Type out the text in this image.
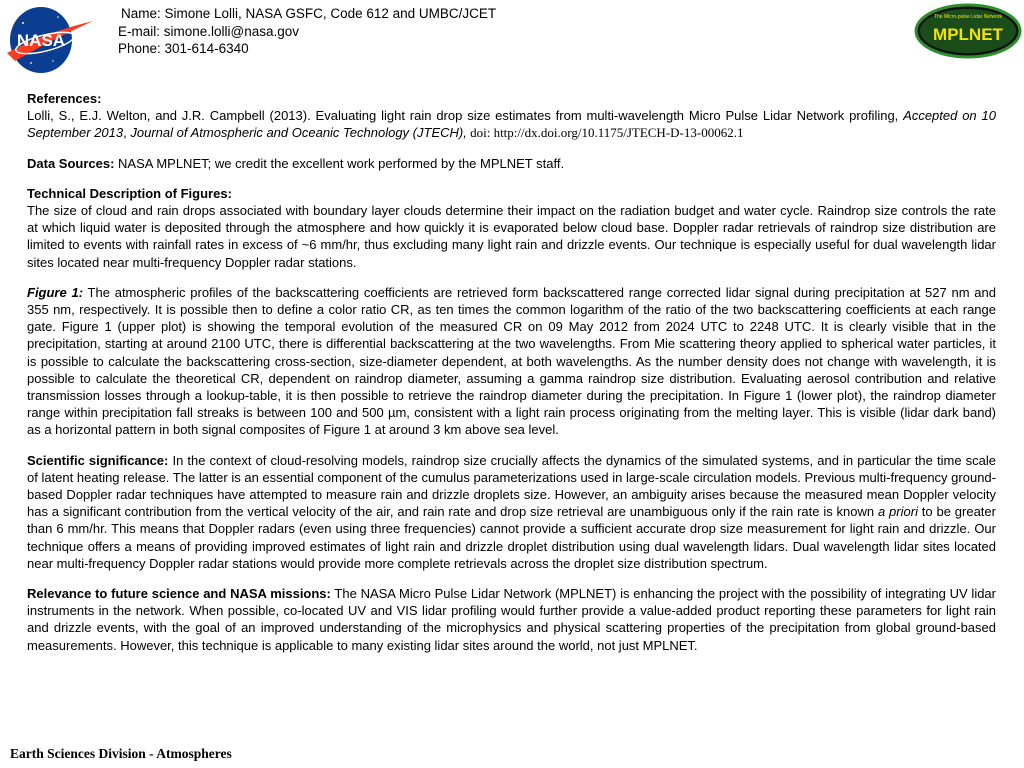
NASA
Name: Simone Lolli, NASA GSFC, Code 612 and UMBC/JCET
E-mail: simone.lolli@nasa.gov
Phone: 301-614-6340
The Micro-pulse Lidar Network
MPLNET

References:
Lolli, S., E.J. Welton, and J.R. Campbell (2013). Evaluating light rain drop size estimates from multi-wavelength Micro Pulse Lidar Network profiling, Accepted on 10 September 2013, Journal of Atmospheric and Oceanic Technology (JTECH), doi: http://dx.doi.org/10.1175/JTECH-D-13-00062.1

Data Sources: NASA MPLNET; we credit the excellent work performed by the MPLNET staff.

Technical Description of Figures:
The size of cloud and rain drops associated with boundary layer clouds determine their impact on the radiation budget and water cycle. Raindrop size controls the rate at which liquid water is deposited through the atmosphere and how quickly it is evaporated below cloud base. Doppler radar retrievals of raindrop size distribution are limited to events with rainfall rates in excess of ~6 mm/hr, thus excluding many light rain and drizzle events. Our technique is especially useful for dual wavelength lidar sites located near multi-frequency Doppler radar stations.

Figure 1: The atmospheric profiles of the backscattering coefficients are retrieved form backscattered range corrected lidar signal during precipitation at 527 nm and 355 nm, respectively. It is possible then to define a color ratio CR, as ten times the common logarithm of the ratio of the two backscattering coefficients at each range gate. Figure 1 (upper plot) is showing the temporal evolution of the measured CR on 09 May 2012 from 2024 UTC to 2248 UTC. It is clearly visible that in the precipitation, starting at around 2100 UTC, there is differential backscattering at the two wavelengths. From Mie scattering theory applied to spherical water particles, it is possible to calculate the backscattering cross-section, size-diameter dependent, at both wavelengths. As the number density does not change with wavelength, it is possible to calculate the theoretical CR, dependent on raindrop diameter, assuming a gamma raindrop size distribution. Evaluating aerosol contribution and relative transmission losses through a lookup-table, it is then possible to retrieve the raindrop diameter during the precipitation. In Figure 1 (lower plot), the raindrop diameter range within precipitation fall streaks is between 100 and 500 µm, consistent with a light rain process originating from the melting layer. This is visible (lidar dark band) as a horizontal pattern in both signal composites of Figure 1 at around 3 km above sea level.

Scientific significance: In the context of cloud-resolving models, raindrop size crucially affects the dynamics of the simulated systems, and in particular the time scale of latent heating release. The latter is an essential component of the cumulus parameterizations used in large-scale circulation models. Previous multi-frequency ground-based Doppler radar techniques have attempted to measure rain and drizzle droplets size. However, an ambiguity arises because the measured mean Doppler velocity has a significant contribution from the vertical velocity of the air, and rain rate and drop size retrieval are unambiguous only if the rain rate is known a priori to be greater than 6 mm/hr. This means that Doppler radars (even using three frequencies) cannot provide a sufficient accurate drop size measurement for light rain and drizzle. Our technique offers a means of providing improved estimates of light rain and drizzle droplet distribution using dual wavelength lidars. Dual wavelength lidar sites located near multi-frequency Doppler radar stations would provide more complete retrievals across the droplet size distribution spectrum.

Relevance to future science and NASA missions: The NASA Micro Pulse Lidar Network (MPLNET) is enhancing the project with the possibility of integrating UV lidar instruments in the network. When possible, co-located UV and VIS lidar profiling would further provide a value-added product reporting these parameters for light rain and drizzle events, with the goal of an improved understanding of the microphysics and physical scattering properties of the precipitation from global ground-based measurements. However, this technique is applicable to many existing lidar sites around the world, not just MPLNET.

Earth Sciences Division - Atmospheres
